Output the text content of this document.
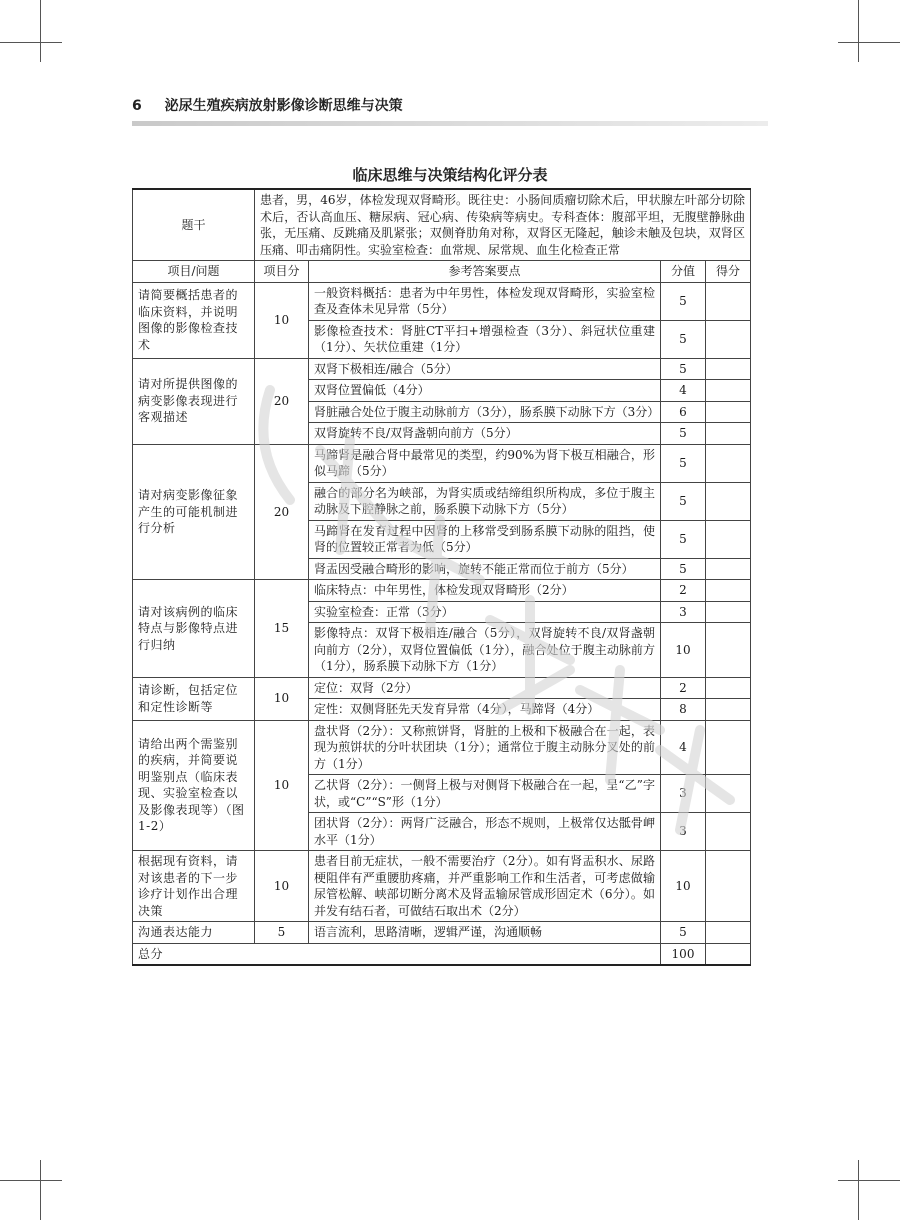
6 泌尿生殖疾病放射影像诊断思维与决策
临床思维与决策结构化评分表
题干	患者，男，46岁，体检发现双肾畸形。既往史：小肠间质瘤切除术后，甲状腺左叶部分切除术后，否认高血压、糖尿病、冠心病、传染病等病史。专科查体：腹部平坦，无腹壁静脉曲张，无压痛、反跳痛及肌紧张；双侧脊肋角对称，双肾区无隆起，触诊未触及包块，双肾区压痛、叩击痛阴性。实验室检查：血常规、尿常规、血生化检查正常			
项目/问题	项目分	参考答案要点	分值	得分
请简要概括患者的临床资料，并说明图像的影像检查技术	10	一般资料概括：患者为中年男性，体检发现双肾畸形，实验室检查及查体未见异常（5分）	5	
		影像检查技术：肾脏CT平扫+增强检查（3分）、斜冠状位重建（1分）、矢状位重建（1分）	5	
请对所提供图像的病变影像表现进行客观描述	20	双肾下极相连/融合（5分）	5	
		双肾位置偏低（4分）	4	
		肾脏融合处位于腹主动脉前方（3分），肠系膜下动脉下方（3分）	6	
		双肾旋转不良/双肾盏朝向前方（5分）	5	
请对病变影像征象产生的可能机制进行分析	20	马蹄肾是融合肾中最常见的类型，约90%为肾下极互相融合，形似马蹄（5分）	5	
		融合的部分名为峡部，为肾实质或结缔组织所构成，多位于腹主动脉及下腔静脉之前，肠系膜下动脉下方（5分）	5	
		马蹄肾在发育过程中因肾的上移常受到肠系膜下动脉的阻挡，使肾的位置较正常者为低（5分）	5	
		肾盂因受融合畸形的影响，旋转不能正常而位于前方（5分）	5	
请对该病例的临床特点与影像特点进行归纳	15	临床特点：中年男性，体检发现双肾畸形（2分）	2	
		实验室检查：正常（3分）	3	
		影像特点：双肾下极相连/融合（5分），双肾旋转不良/双肾盏朝向前方（2分），双肾位置偏低（1分），融合处位于腹主动脉前方（1分），肠系膜下动脉下方（1分）	10	
请诊断，包括定位和定性诊断等	10	定位：双肾（2分）	2	
		定性：双侧肾胚先天发育异常（4分），马蹄肾（4分）	8	
请给出两个需鉴别的疾病，并简要说明鉴别点（临床表现、实验室检查以及影像表现等）（图1-2）	10	盘状肾（2分）：又称煎饼肾，肾脏的上极和下极融合在一起，表现为煎饼状的分叶状团块（1分）；通常位于腹主动脉分叉处的前方（1分）	4	
		乙状肾（2分）：一侧肾上极与对侧肾下极融合在一起，呈“乙”字状，或“C”“S”形（1分）	3	
		团状肾（2分）：两肾广泛融合，形态不规则，上极常仅达骶骨岬水平（1分）	3	
根据现有资料，请对该患者的下一步诊疗计划作出合理决策	10	患者目前无症状，一般不需要治疗（2分）。如有肾盂积水、尿路梗阻伴有严重腰肋疼痛，并严重影响工作和生活者，可考虑做输尿管松解、峡部切断分离术及肾盂输尿管成形固定术（6分）。如并发有结石者，可做结石取出术（2分）	10	
沟通表达能力	5	语言流利，思路清晰，逻辑严谨，沟通顺畅	5	
总分			100	
